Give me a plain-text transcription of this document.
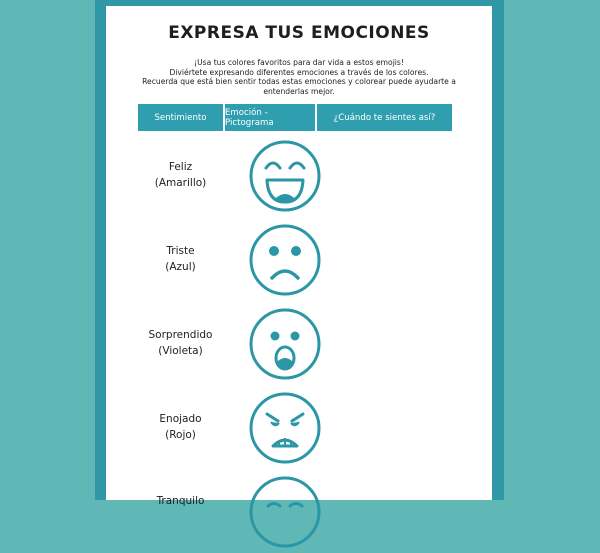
EXPRESA TUS EMOCIONES
¡Usa tus colores favoritos para dar vida a estos emojis!
Diviértete expresando diferentes emociones a través de los colores.
Recuerda que está bien sentir todas estas emociones y colorear puede ayudarte a
entenderlas mejor.
Sentimiento	Emoción - Pictograma	¿Cuándo te sientes así?
Feliz
(Amarillo)
Triste
(Azul)
Sorprendido
(Violeta)
Enojado
(Rojo)
Tranquilo
